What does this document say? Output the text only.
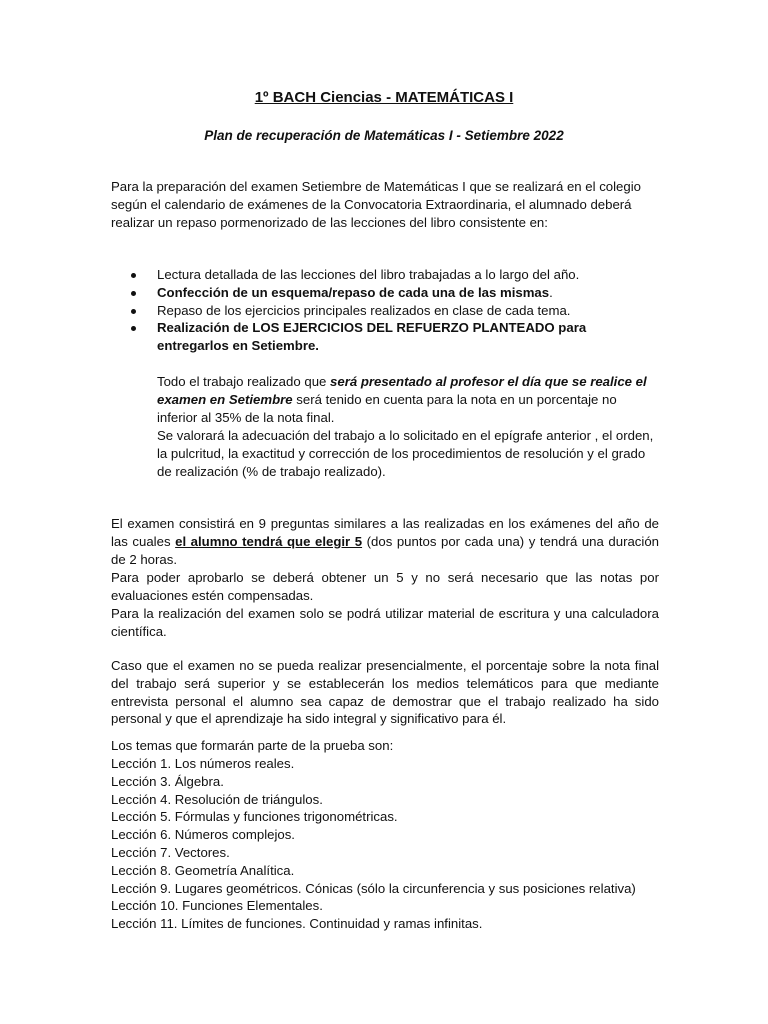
1º BACH Ciencias - MATEMÁTICAS I
Plan de recuperación de Matemáticas I - Setiembre 2022
Para la preparación del examen Setiembre de Matemáticas I que se realizará en el colegio según el calendario de exámenes de la Convocatoria Extraordinaria, el alumnado deberá realizar un repaso pormenorizado de las lecciones del libro consistente en:
Lectura detallada de las lecciones del libro trabajadas a lo largo del año.
Confección de un esquema/repaso de cada una de las mismas.
Repaso de los ejercicios principales realizados en clase de cada tema.
Realización de LOS EJERCICIOS DEL REFUERZO PLANTEADO para entregarlos en Setiembre.
Todo el trabajo realizado que será presentado al profesor el día que se realice el examen en Setiembre será tenido en cuenta para la nota en un porcentaje no inferior al 35% de la nota final.
Se valorará la adecuación del trabajo a lo solicitado en el epígrafe anterior , el orden, la pulcritud, la exactitud y corrección de los procedimientos de resolución y el grado de realización (% de trabajo realizado).
El examen consistirá en 9 preguntas similares a las realizadas en los exámenes del año de las cuales el alumno tendrá que elegir 5 (dos puntos por cada una) y tendrá una duración de 2 horas.
Para poder aprobarlo se deberá obtener un 5 y no será necesario que las notas por evaluaciones estén compensadas.
Para la realización del examen solo se podrá utilizar material de escritura y una calculadora científica.
Caso que el examen no se pueda realizar presencialmente, el porcentaje sobre la nota final del trabajo será superior y se establecerán los medios telemáticos para que mediante entrevista personal el alumno sea capaz de demostrar que el trabajo realizado ha sido personal y que el aprendizaje ha sido integral y significativo para él.
Los temas que formarán parte de la prueba son:
Lección 1. Los números reales.
Lección 3. Álgebra.
Lección 4. Resolución de triángulos.
Lección 5. Fórmulas y funciones trigonométricas.
Lección 6. Números complejos.
Lección 7. Vectores.
Lección 8. Geometría Analítica.
Lección 9. Lugares geométricos. Cónicas (sólo la circunferencia y sus posiciones relativa)
Lección 10. Funciones Elementales.
Lección 11. Límites de funciones. Continuidad y ramas infinitas.
